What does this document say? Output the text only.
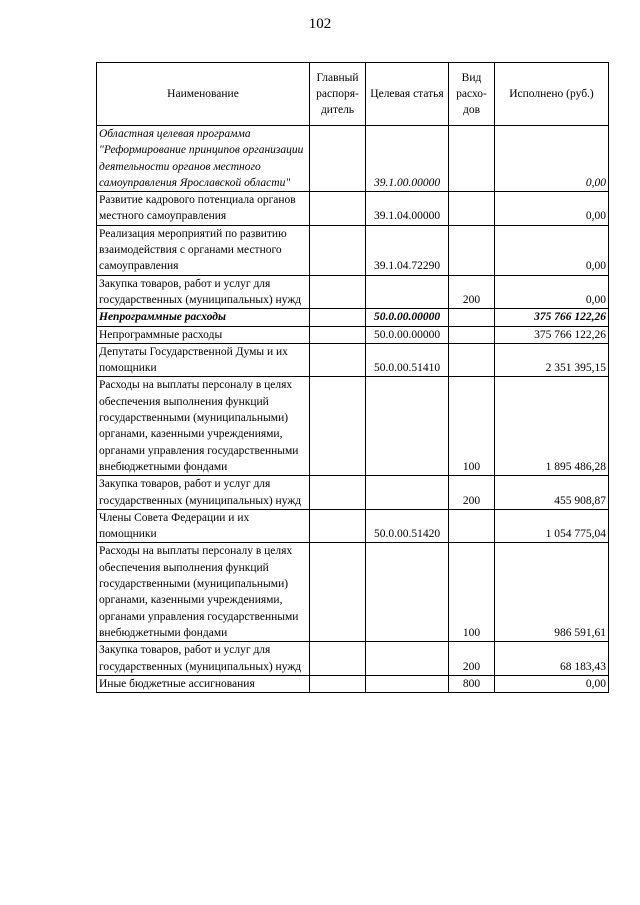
102
Наименование	Главный распоря-дитель	Целевая статья	Вид расхо-дов	Исполнено (руб.)
Областная целевая программа "Реформирование принципов организации деятельности органов местного самоуправления Ярославской области"		39.1.00.00000		0,00
Развитие кадрового потенциала органов местного самоуправления		39.1.04.00000		0,00
Реализация мероприятий по развитию взаимодействия с органами местного самоуправления		39.1.04.72290		0,00
Закупка товаров, работ и услуг для государственных (муниципальных) нужд			200	0,00
Непрограммные расходы		50.0.00.00000		375 766 122,26
Непрограммные расходы		50.0.00.00000		375 766 122,26
Депутаты Государственной Думы и их помощники		50.0.00.51410		2 351 395,15
Расходы на выплаты персоналу в целях обеспечения выполнения функций государственными (муниципальными) органами, казенными учреждениями, органами управления государственными внебюджетными фондами			100	1 895 486,28
Закупка товаров, работ и услуг для государственных (муниципальных) нужд			200	455 908,87
Члены Совета Федерации и их помощники		50.0.00.51420		1 054 775,04
Расходы на выплаты персоналу в целях обеспечения выполнения функций государственными (муниципальными) органами, казенными учреждениями, органами управления государственными внебюджетными фондами			100	986 591,61
Закупка товаров, работ и услуг для государственных (муниципальных) нужд			200	68 183,43
Иные бюджетные ассигнования			800	0,00
